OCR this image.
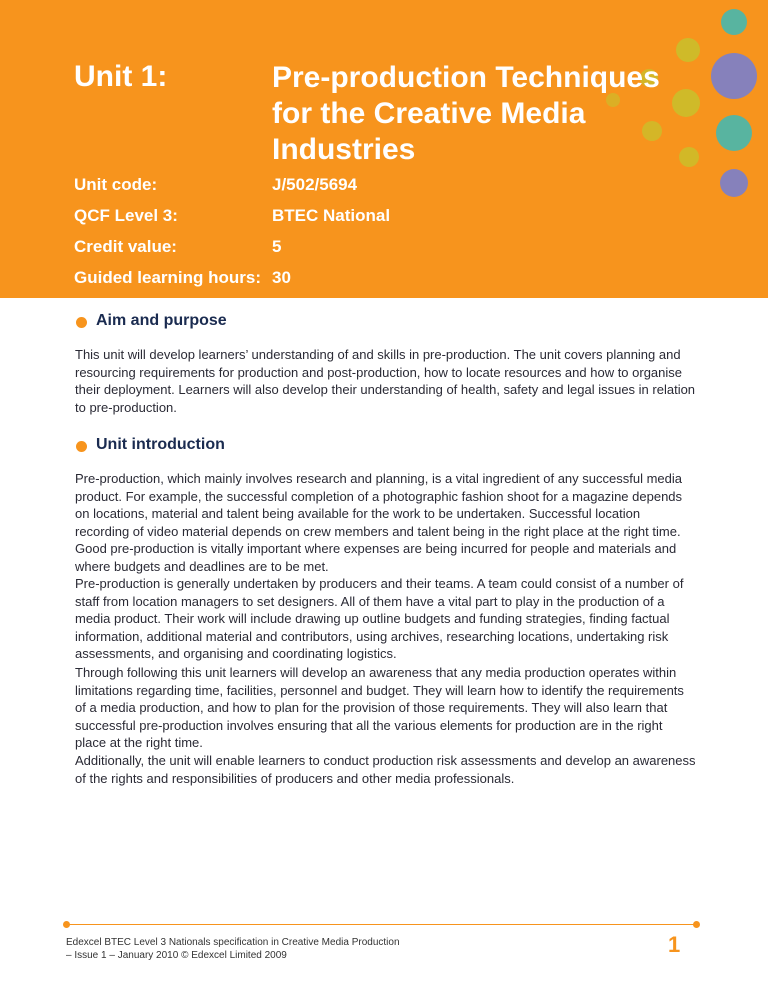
Unit 1:	Pre-production Techniques for the Creative Media Industries
Unit code:	J/502/5694
QCF Level 3:	BTEC National
Credit value:	5
Guided learning hours: 30
Aim and purpose

This unit will develop learners’ understanding of and skills in pre-production. The unit covers planning and resourcing requirements for production and post-production, how to locate resources and how to organise their deployment. Learners will also develop their understanding of health, safety and legal issues in relation to pre-production.

Unit introduction

Pre-production, which mainly involves research and planning, is a vital ingredient of any successful media product. For example, the successful completion of a photographic fashion shoot for a magazine depends on locations, material and talent being available for the work to be undertaken. Successful location recording of video material depends on crew members and talent being in the right place at the right time. Good pre-production is vitally important where expenses are being incurred for people and materials and where budgets and deadlines are to be met.

Pre-production is generally undertaken by producers and their teams. A team could consist of a number of staff from location managers to set designers. All of them have a vital part to play in the production of a media product. Their work will include drawing up outline budgets and funding strategies, finding factual information, additional material and contributors, using archives, researching locations, undertaking risk assessments, and organising and coordinating logistics.

Through following this unit learners will develop an awareness that any media production operates within limitations regarding time, facilities, personnel and budget. They will learn how to identify the requirements of a media production, and how to plan for the provision of those requirements. They will also learn that successful pre-production involves ensuring that all the various elements for production are in the right place at the right time.

Additionally, the unit will enable learners to conduct production risk assessments and develop an awareness of the rights and responsibilities of producers and other media professionals.

Edexcel BTEC Level 3 Nationals specification in Creative Media Production
– Issue 1 – January 2010 © Edexcel Limited 2009	1
